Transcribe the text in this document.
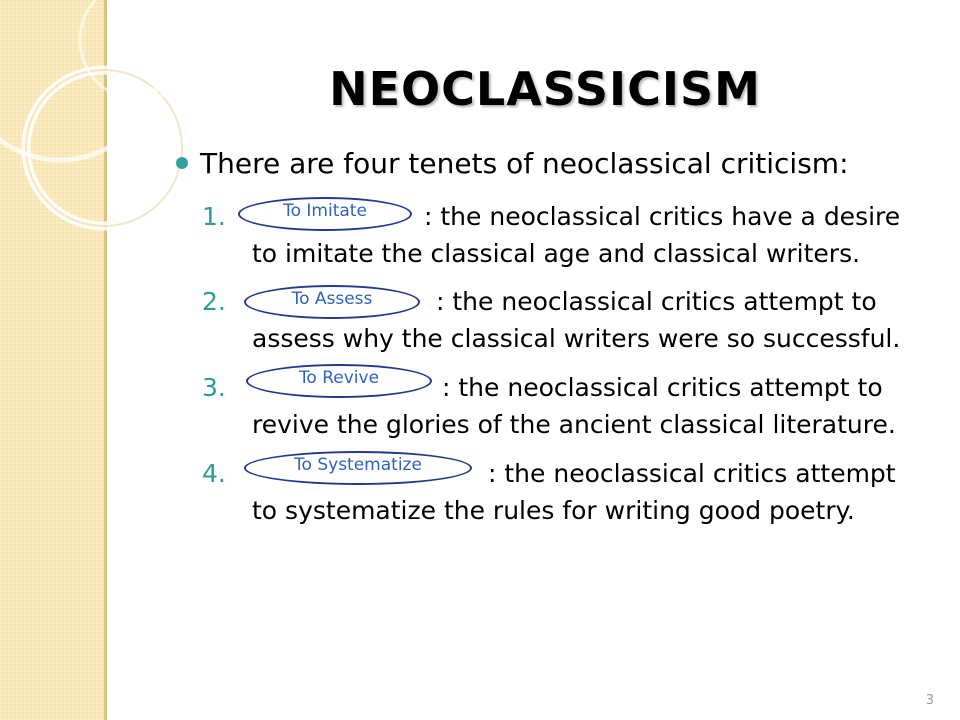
NEOCLASSICISM
There are four tenets of neoclassical criticism:
1.	: the neoclassical critics have a desire
to imitate the classical age and classical writers.
To Imitate
2.	: the neoclassical critics attempt to
assess why the classical writers were so successful.
To Assess
3.	: the neoclassical critics attempt to
revive the glories of the ancient classical literature.
To Revive
4.	: the neoclassical critics attempt
to systematize the rules for writing good poetry.
To Systematize
3
